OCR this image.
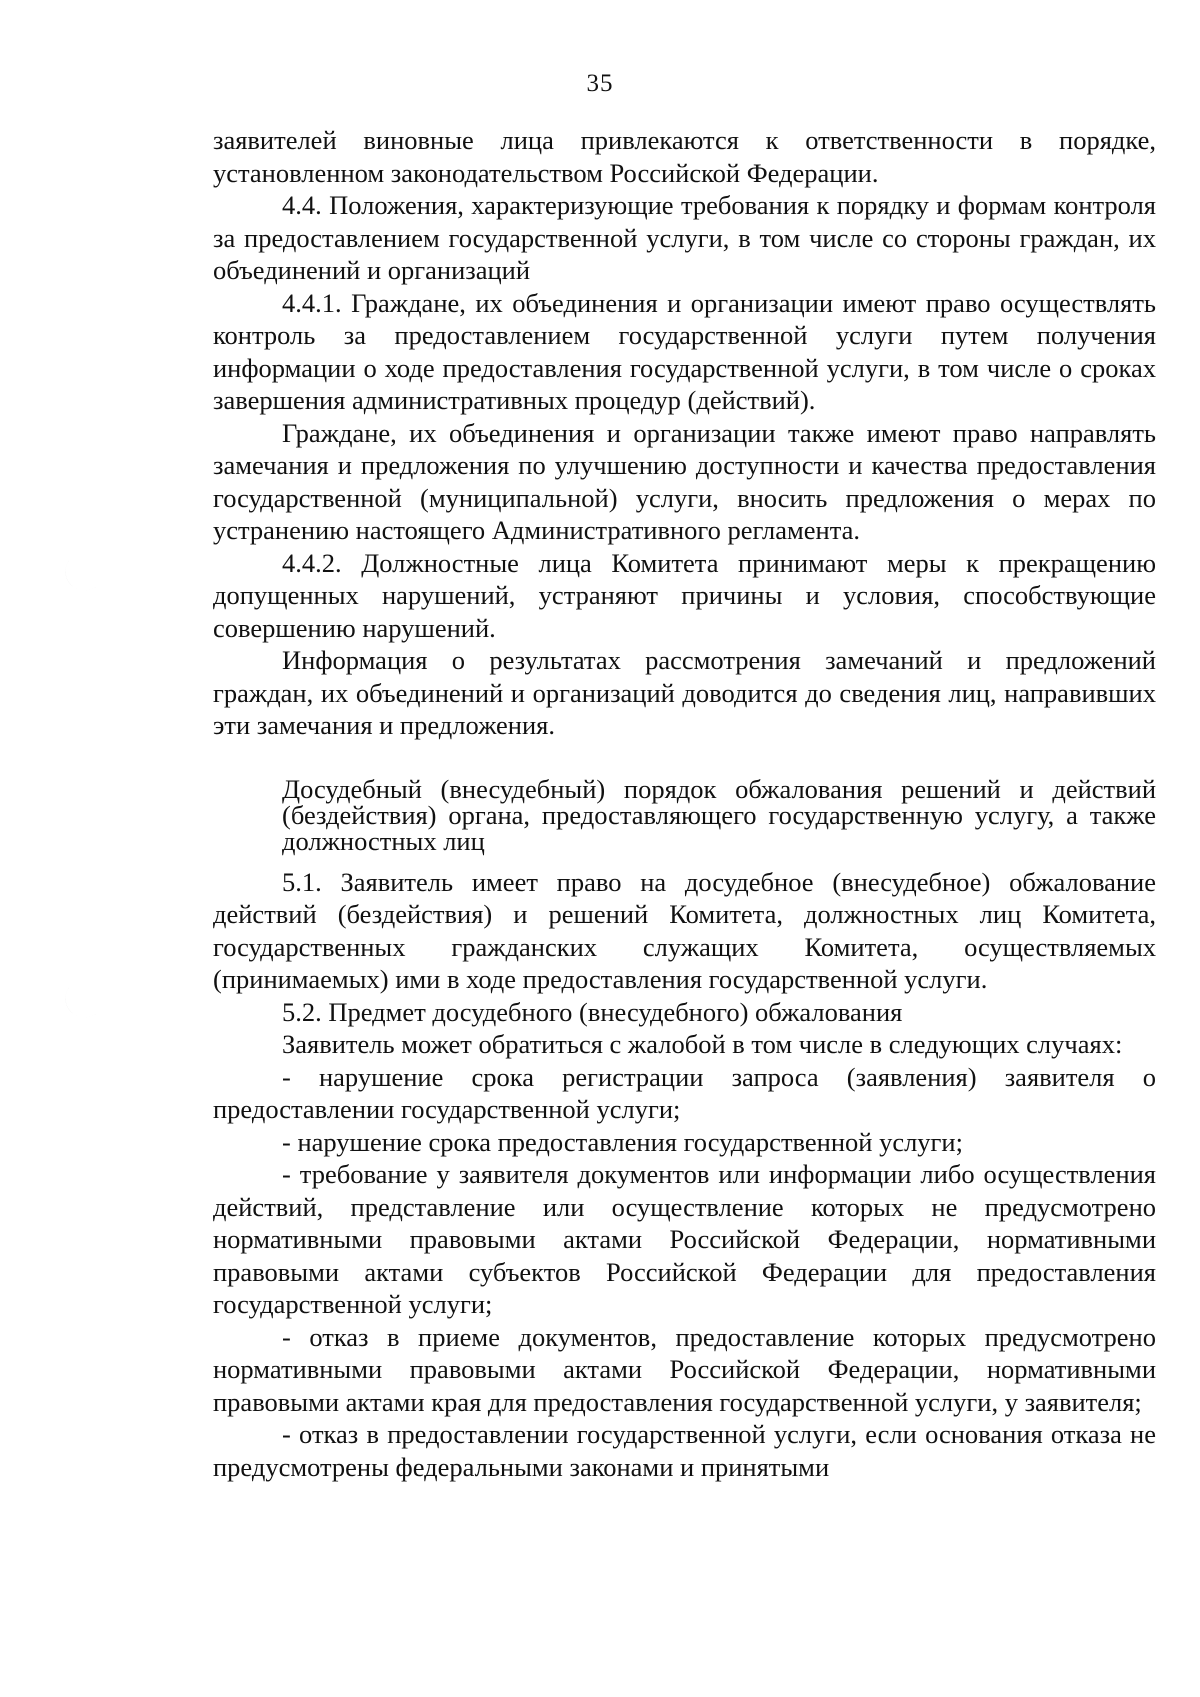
35

заявителей виновные лица привлекаются к ответственности в порядке, установленном законодательством Российской Федерации.

4.4. Положения, характеризующие требования к порядку и формам контроля за предоставлением государственной услуги, в том числе со стороны граждан, их объединений и организаций

4.4.1. Граждане, их объединения и организации имеют право осуществлять контроль за предоставлением государственной услуги путем получения информации о ходе предоставления государственной услуги, в том числе о сроках завершения административных процедур (действий).

Граждане, их объединения и организации также имеют право направлять замечания и предложения по улучшению доступности и качества предоставления государственной (муниципальной) услуги, вносить предложения о мерах по устранению настоящего Административного регламента.

4.4.2. Должностные лица Комитета принимают меры к прекращению допущенных нарушений, устраняют причины и условия, способствующие совершению нарушений.

Информация о результатах рассмотрения замечаний и предложений граждан, их объединений и организаций доводится до сведения лиц, направивших эти замечания и предложения.

Досудебный (внесудебный) порядок обжалования решений и действий (бездействия) органа, предоставляющего государственную услугу, а также должностных лиц

5.1. Заявитель имеет право на досудебное (внесудебное) обжалование действий (бездействия) и решений Комитета, должностных лиц Комитета, государственных гражданских служащих Комитета, осуществляемых (принимаемых) ими в ходе предоставления государственной услуги.

5.2. Предмет досудебного (внесудебного) обжалования

Заявитель может обратиться с жалобой в том числе в следующих случаях:

- нарушение срока регистрации запроса (заявления) заявителя о предоставлении государственной услуги;

- нарушение срока предоставления государственной услуги;

- требование у заявителя документов или информации либо осуществления действий, представление или осуществление которых не предусмотрено нормативными правовыми актами Российской Федерации, нормативными правовыми актами субъектов Российской Федерации для предоставления государственной услуги;

- отказ в приеме документов, предоставление которых предусмотрено нормативными правовыми актами Российской Федерации, нормативными правовыми актами края для предоставления государственной услуги, у заявителя;

- отказ в предоставлении государственной услуги, если основания отказа не предусмотрены федеральными законами и принятыми
